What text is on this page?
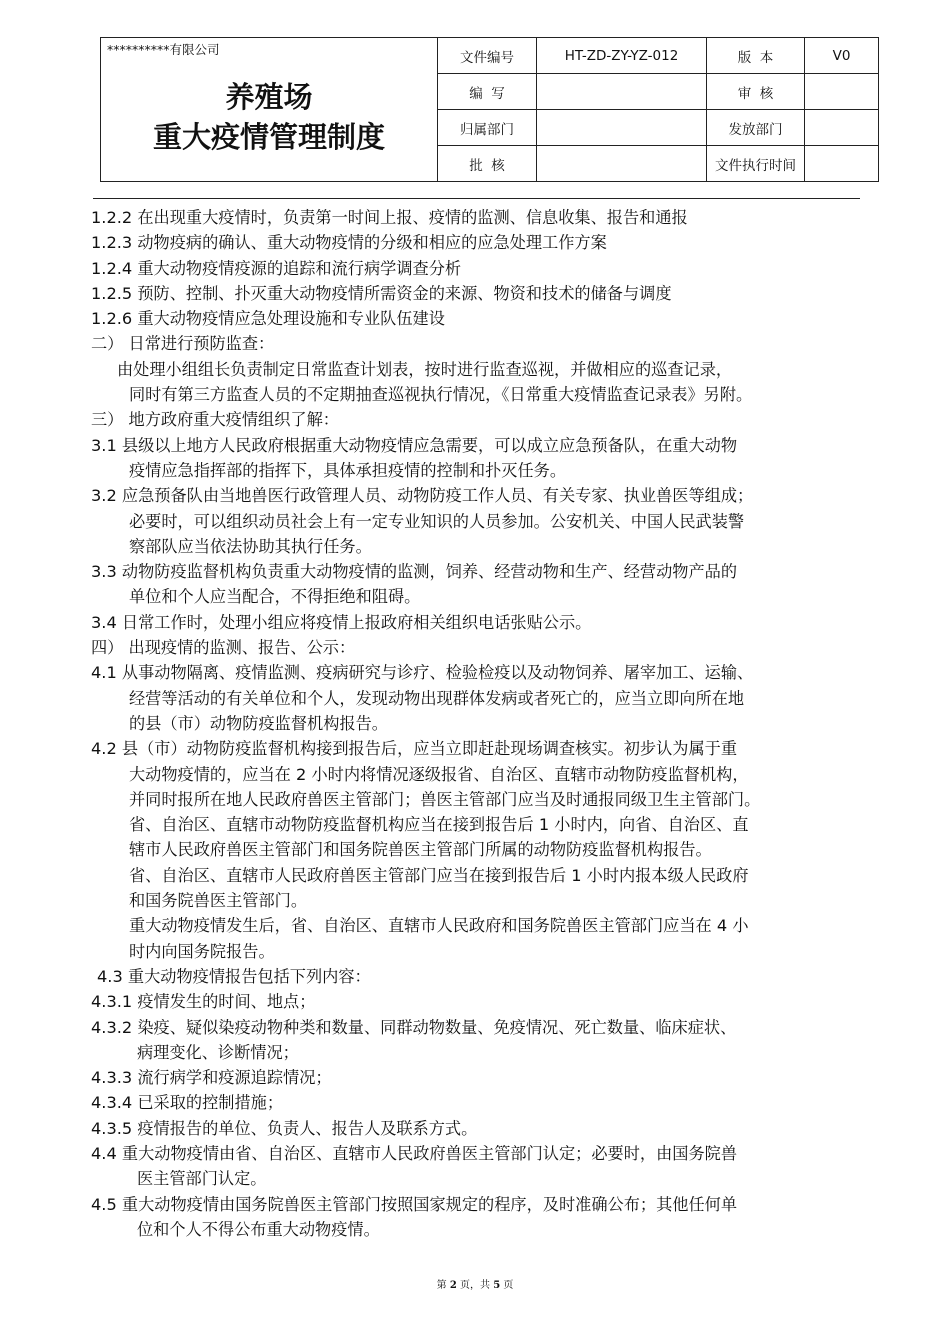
**********有限公司
养殖场
重大疫情管理制度	文件编号	HT-ZD-ZY-YZ-012	版  本	V0
	编  写		审  核	
	归属部门		发放部门	
	批  核		文件执行时间	
1.2.2 在出现重大疫情时，负责第一时间上报、疫情的监测、信息收集、报告和通报
1.2.3 动物疫病的确认、重大动物疫情的分级和相应的应急处理工作方案
1.2.4 重大动物疫情疫源的追踪和流行病学调查分析
1.2.5 预防、控制、扑灭重大动物疫情所需资金的来源、物资和技术的储备与调度
1.2.6 重大动物疫情应急处理设施和专业队伍建设
二） 日常进行预防监查：
由处理小组组长负责制定日常监查计划表，按时进行监查巡视，并做相应的巡查记录，
同时有第三方监查人员的不定期抽查巡视执行情况，《日常重大疫情监查记录表》另附。
三） 地方政府重大疫情组织了解：
3.1 县级以上地方人民政府根据重大动物疫情应急需要，可以成立应急预备队，在重大动物
疫情应急指挥部的指挥下，具体承担疫情的控制和扑灭任务。
3.2 应急预备队由当地兽医行政管理人员、动物防疫工作人员、有关专家、执业兽医等组成；
必要时，可以组织动员社会上有一定专业知识的人员参加。公安机关、中国人民武装警
察部队应当依法协助其执行任务。
3.3 动物防疫监督机构负责重大动物疫情的监测，饲养、经营动物和生产、经营动物产品的
单位和个人应当配合，不得拒绝和阻碍。
3.4 日常工作时，处理小组应将疫情上报政府相关组织电话张贴公示。
四） 出现疫情的监测、报告、公示：
4.1 从事动物隔离、疫情监测、疫病研究与诊疗、检验检疫以及动物饲养、屠宰加工、运输、
经营等活动的有关单位和个人，发现动物出现群体发病或者死亡的，应当立即向所在地
的县（市）动物防疫监督机构报告。
4.2 县（市）动物防疫监督机构接到报告后，应当立即赶赴现场调查核实。初步认为属于重
大动物疫情的，应当在 2 小时内将情况逐级报省、自治区、直辖市动物防疫监督机构，
并同时报所在地人民政府兽医主管部门；兽医主管部门应当及时通报同级卫生主管部门。
省、自治区、直辖市动物防疫监督机构应当在接到报告后 1 小时内，向省、自治区、直
辖市人民政府兽医主管部门和国务院兽医主管部门所属的动物防疫监督机构报告。
省、自治区、直辖市人民政府兽医主管部门应当在接到报告后 1 小时内报本级人民政府
和国务院兽医主管部门。
重大动物疫情发生后，省、自治区、直辖市人民政府和国务院兽医主管部门应当在 4 小
时内向国务院报告。
4.3 重大动物疫情报告包括下列内容：
4.3.1 疫情发生的时间、地点；
4.3.2 染疫、疑似染疫动物种类和数量、同群动物数量、免疫情况、死亡数量、临床症状、
病理变化、诊断情况；
4.3.3 流行病学和疫源追踪情况；
4.3.4 已采取的控制措施；
4.3.5 疫情报告的单位、负责人、报告人及联系方式。
4.4 重大动物疫情由省、自治区、直辖市人民政府兽医主管部门认定；必要时，由国务院兽
医主管部门认定。
4.5 重大动物疫情由国务院兽医主管部门按照国家规定的程序，及时准确公布；其他任何单
位和个人不得公布重大动物疫情。
第 2 页，共 5 页
